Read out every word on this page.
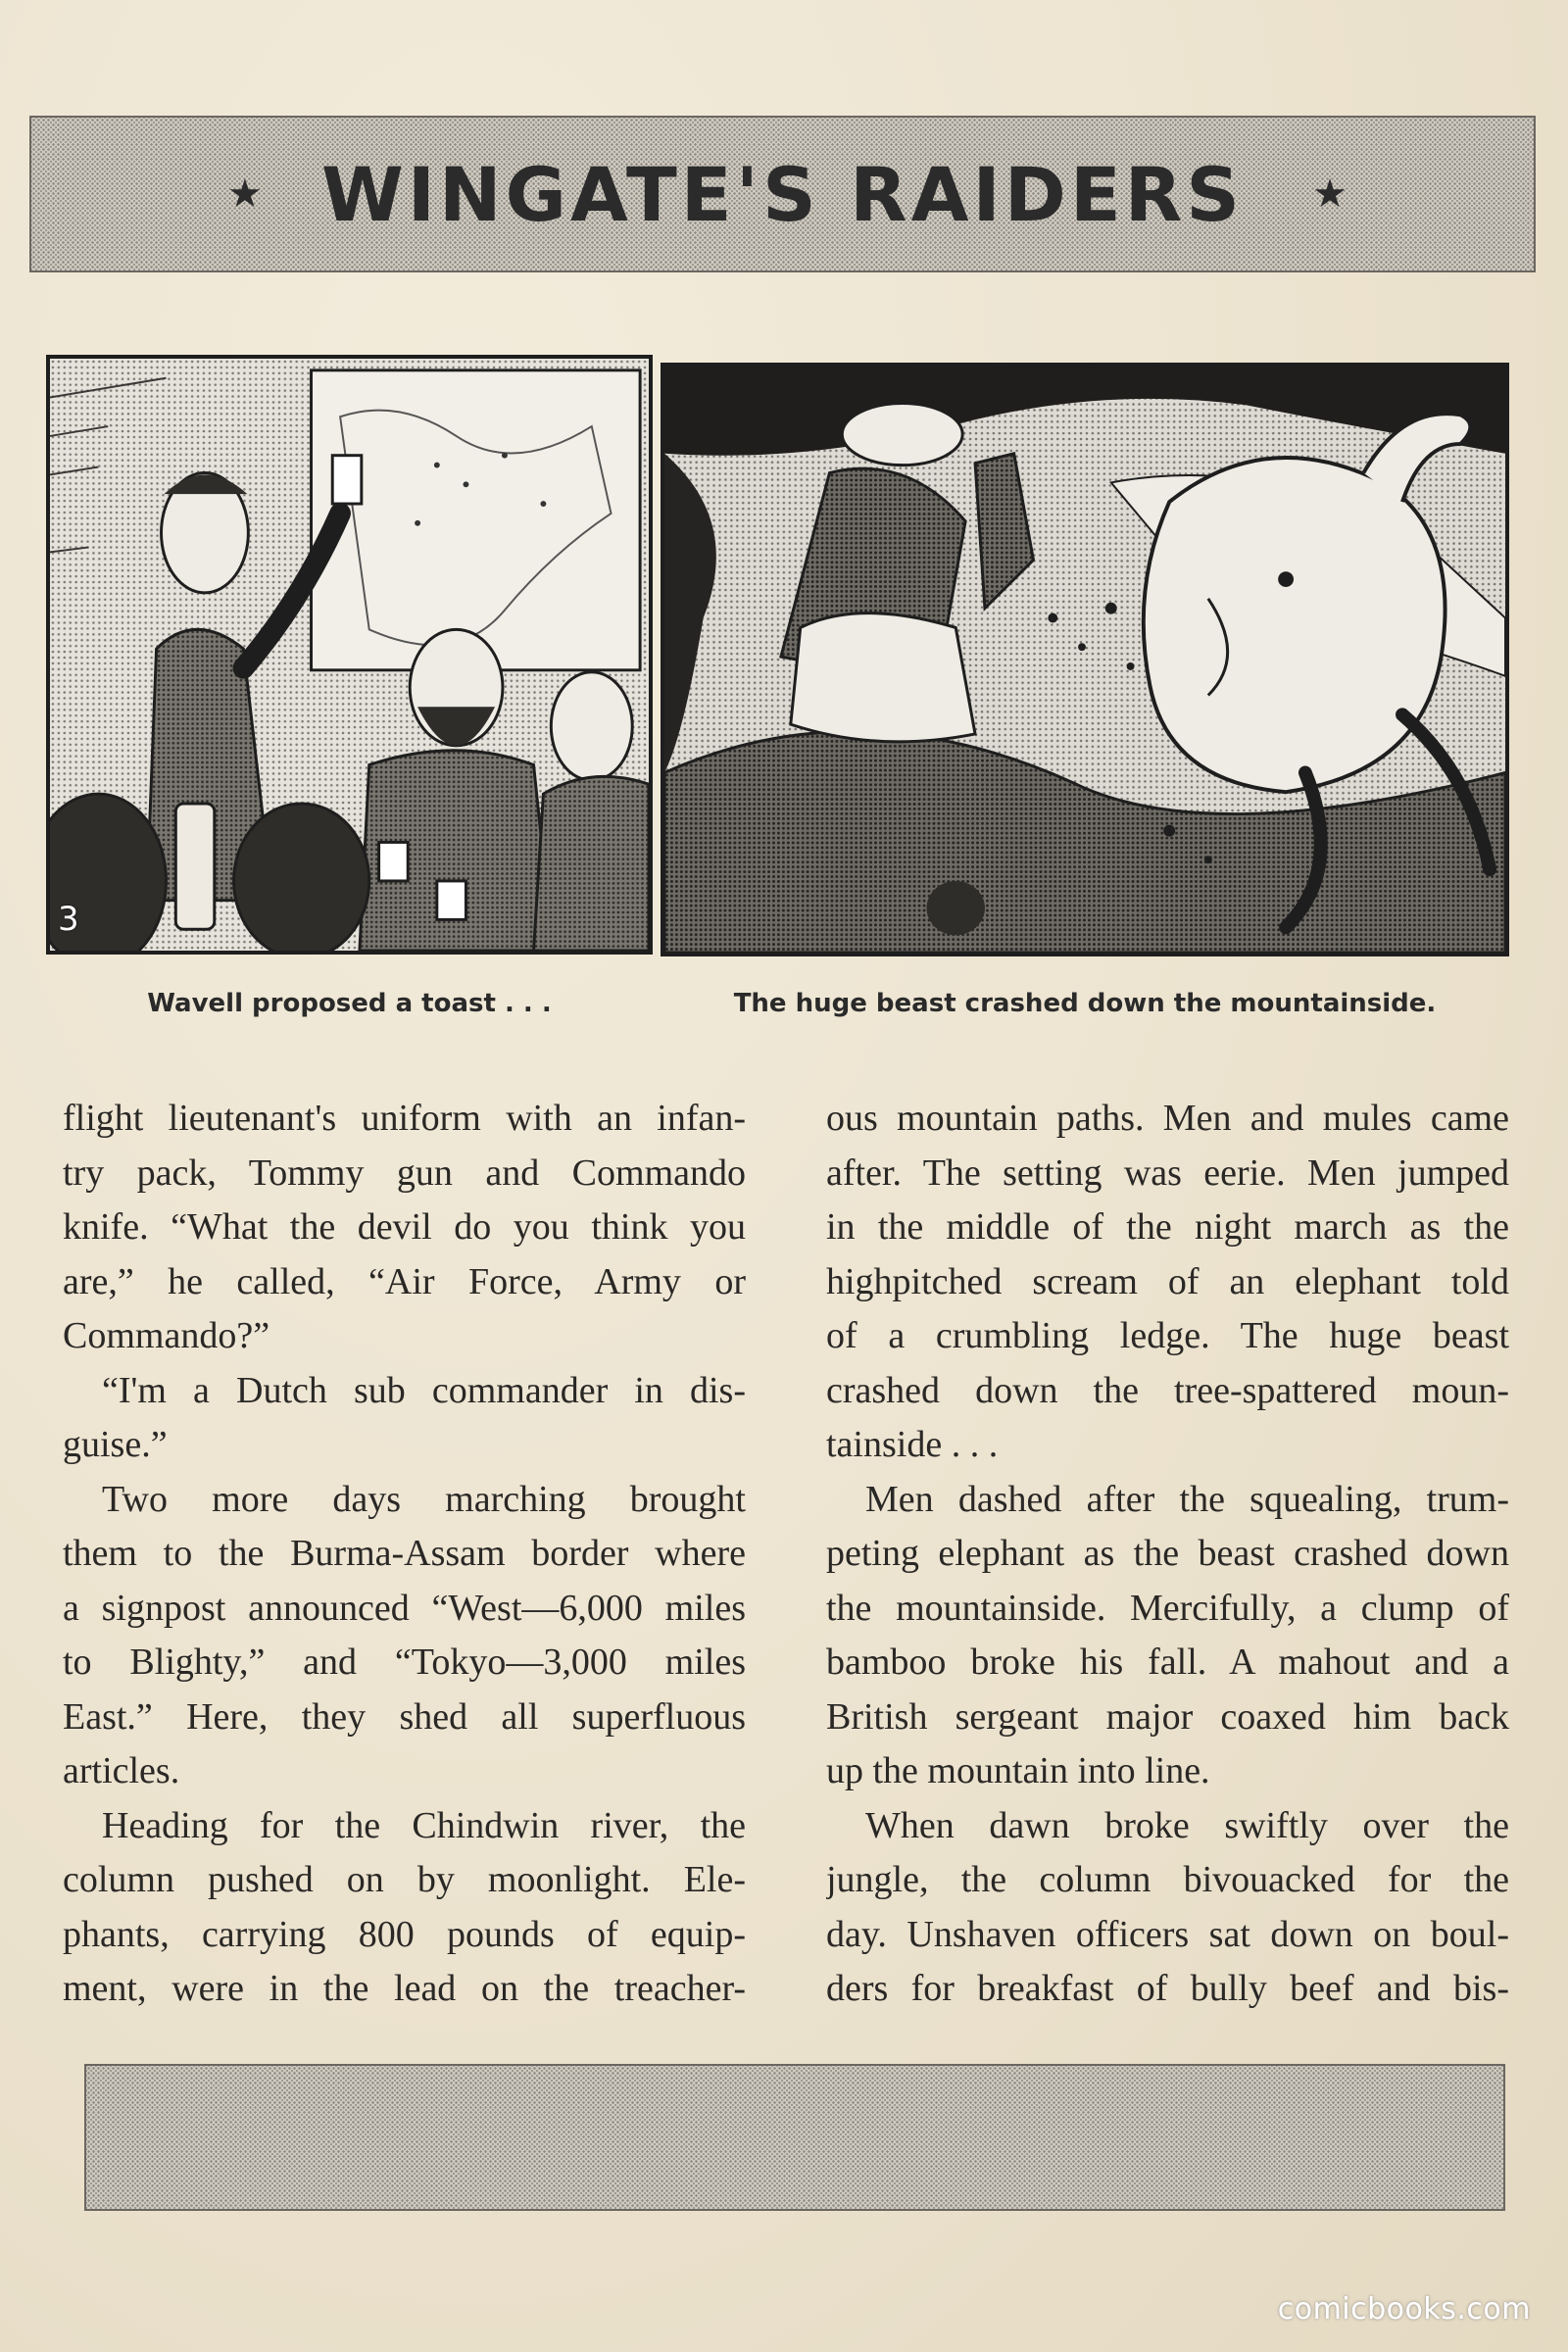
★ WINGATE'S RAIDERS ★
3
Wavell proposed a toast . . .	The huge beast crashed down the mountainside.
flight lieutenant's uniform with an infan-
try pack, Tommy gun and Commando
knife. “What the devil do you think you
are,” he called, “Air Force, Army or
Commando?”
“I'm a Dutch sub commander in dis-
guise.”
Two more days marching brought
them to the Burma-Assam border where
a signpost announced “West—6,000 miles
to Blighty,” and “Tokyo—3,000 miles
East.” Here, they shed all superfluous
articles.
Heading for the Chindwin river, the
column pushed on by moonlight. Ele-
phants, carrying 800 pounds of equip-
ment, were in the lead on the treacher-
ous mountain paths. Men and mules came
after. The setting was eerie. Men jumped
in the middle of the night march as the
highpitched scream of an elephant told
of a crumbling ledge. The huge beast
crashed down the tree-spattered moun-
tainside . . .
Men dashed after the squealing, trum-
peting elephant as the beast crashed down
the mountainside. Mercifully, a clump of
bamboo broke his fall. A mahout and a
British sergeant major coaxed him back
up the mountain into line.
When dawn broke swiftly over the
jungle, the column bivouacked for the
day. Unshaven officers sat down on boul-
ders for breakfast of bully beef and bis-
comicbooks.com
